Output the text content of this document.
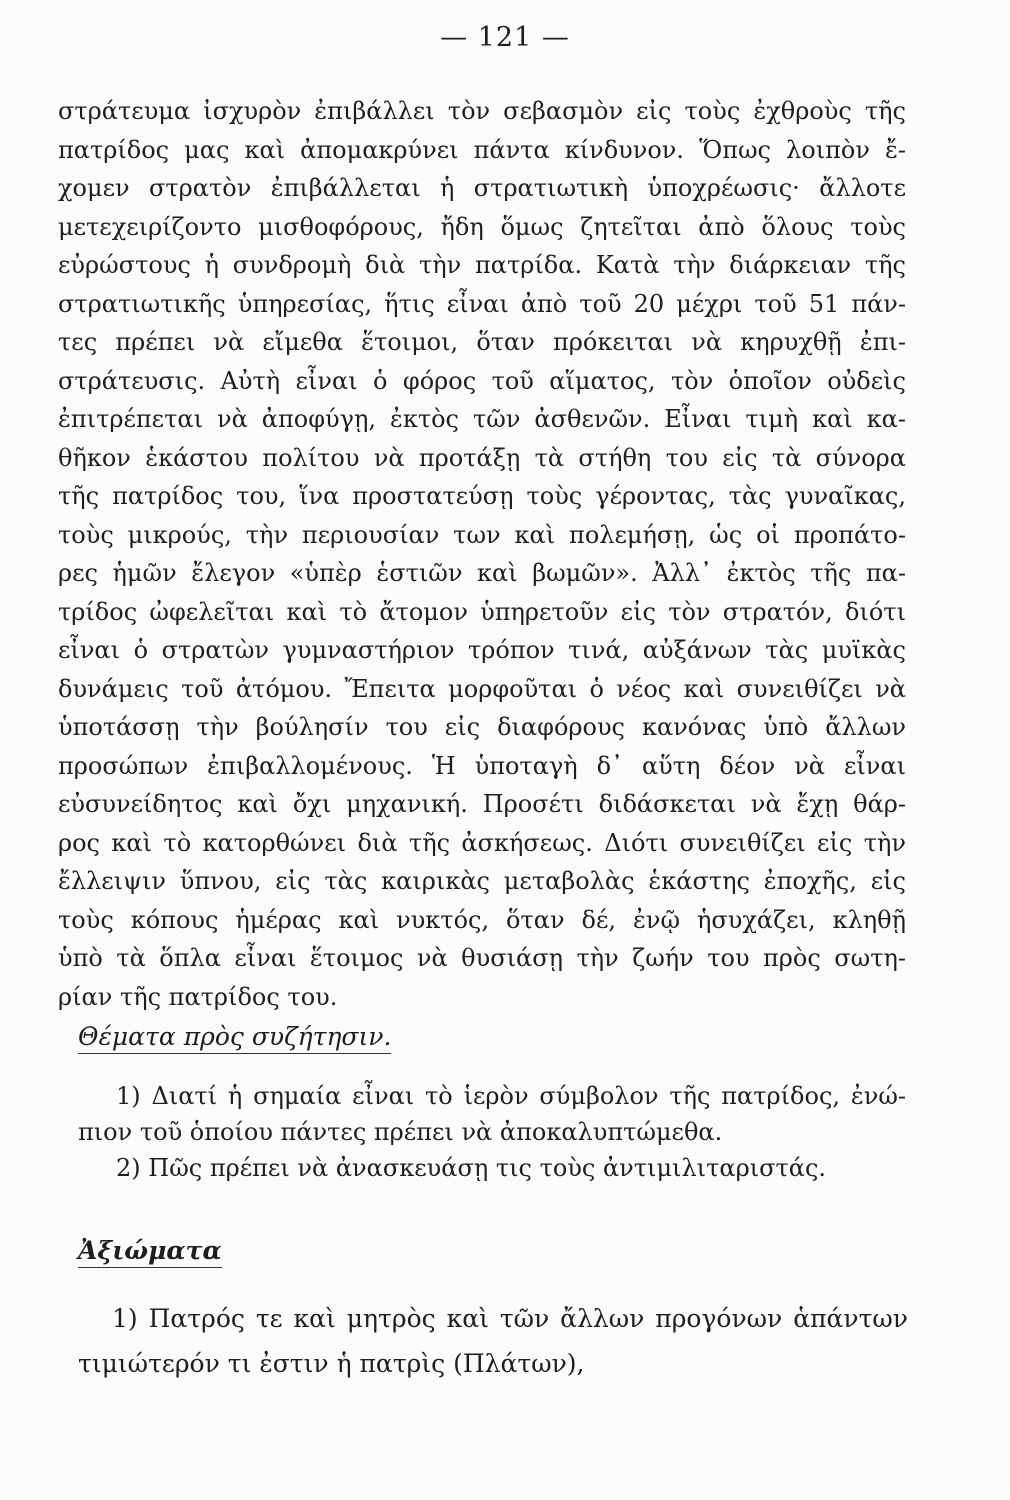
— 121 —
στράτευμα ἰσχυρὸν ἐπιβάλλει τὸν σεβασμὸν εἰς τοὺς ἐχθροὺς τῆς
πατρίδος μας καὶ ἀπομακρύνει πάντα κίνδυνον. Ὅπως λοιπὸν ἔ-
χομεν στρατὸν ἐπιβάλλεται ἡ στρατιωτικὴ ὑποχρέωσις· ἄλλοτε
μετεχειρίζοντο μισθοφόρους, ἤδη ὅμως ζητεῖται ἀπὸ ὅλους τοὺς
εὐρώστους ἡ συνδρομὴ διὰ τὴν πατρίδα. Κατὰ τὴν διάρκειαν τῆς
στρατιωτικῆς ὑπηρεσίας, ἥτις εἶναι ἀπὸ τοῦ 20 μέχρι τοῦ 51 πάν-
τες πρέπει νὰ εἴμεθα ἕτοιμοι, ὅταν πρόκειται νὰ κηρυχθῇ ἐπι-
στράτευσις. Αὐτὴ εἶναι ὁ φόρος τοῦ αἵματος, τὸν ὁποῖον οὐδεὶς
ἐπιτρέπεται νὰ ἀποφύγῃ, ἐκτὸς τῶν ἀσθενῶν. Εἶναι τιμὴ καὶ κα-
θῆκον ἑκάστου πολίτου νὰ προτάξῃ τὰ στήθη του εἰς τὰ σύνορα
τῆς πατρίδος του, ἵνα προστατεύσῃ τοὺς γέροντας, τὰς γυναῖκας,
τοὺς μικρούς, τὴν περιουσίαν των καὶ πολεμήσῃ, ὡς οἱ προπάτο-
ρες ἡμῶν ἔλεγον «ὑπὲρ ἑστιῶν καὶ βωμῶν». Ἀλλ᾽ ἐκτὸς τῆς πα-
τρίδος ὠφελεῖται καὶ τὸ ἄτομον ὑπηρετοῦν εἰς τὸν στρατόν, διότι
εἶναι ὁ στρατὼν γυμναστήριον τρόπον τινά, αὐξάνων τὰς μυϊκὰς
δυνάμεις τοῦ ἀτόμου. Ἔπειτα μορφοῦται ὁ νέος καὶ συνειθίζει νὰ
ὑποτάσσῃ τὴν βούλησίν του εἰς διαφόρους κανόνας ὑπὸ ἄλλων
προσώπων ἐπιβαλλομένους. Ἡ ὑποταγὴ δ᾽ αὕτη δέον νὰ εἶναι
εὐσυνείδητος καὶ ὄχι μηχανική. Προσέτι διδάσκεται νὰ ἔχῃ θάρ-
ρος καὶ τὸ κατορθώνει διὰ τῆς ἀσκήσεως. Διότι συνειθίζει εἰς τὴν
ἔλλειψιν ὕπνου, εἰς τὰς καιρικὰς μεταβολὰς ἑκάστης ἐποχῆς, εἰς
τοὺς κόπους ἡμέρας καὶ νυκτός, ὅταν δέ, ἐνῷ ἡσυχάζει, κληθῇ
ὑπὸ τὰ ὅπλα εἶναι ἕτοιμος νὰ θυσιάσῃ τὴν ζωήν του πρὸς σωτη-
ρίαν τῆς πατρίδος του.
Θέματα πρὸς συζήτησιν.
1) Διατί ἡ σημαία εἶναι τὸ ἱερὸν σύμβολον τῆς πατρίδος, ἐνώ-
πιον τοῦ ὁποίου πάντες πρέπει νὰ ἀποκαλυπτώμεθα.
2) Πῶς πρέπει νὰ ἀνασκευάσῃ τις τοὺς ἀντιμιλιταριστάς.
Ἀξιώματα
1) Πατρός τε καὶ μητρὸς καὶ τῶν ἄλλων προγόνων ἁπάντων
τιμιώτερόν τι ἐστιν ἡ πατρὶς (Πλάτων),
